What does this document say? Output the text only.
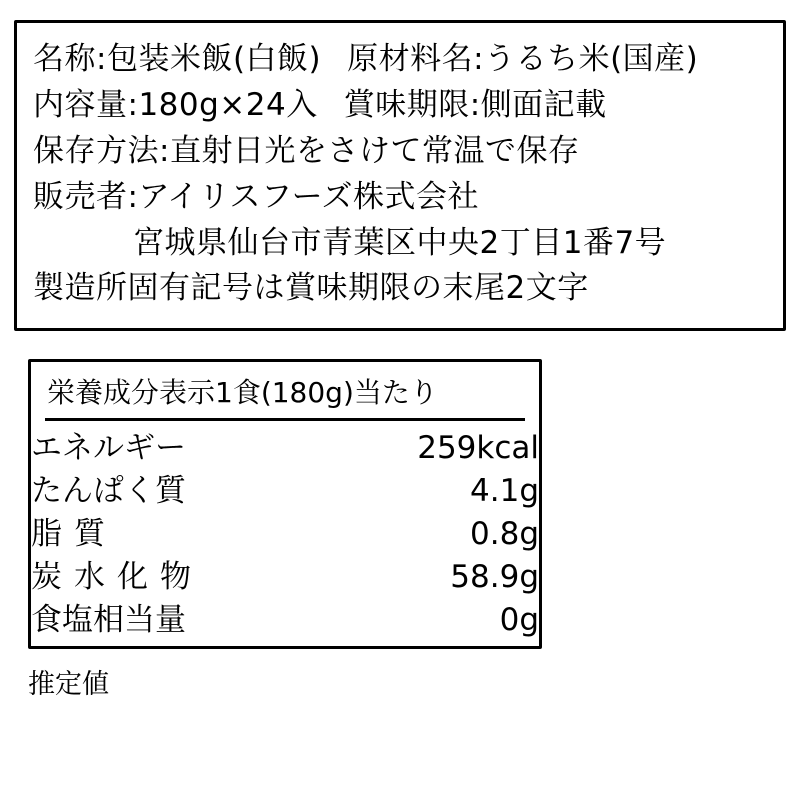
名称:包装米飯(白飯) 原材料名:うるち米(国産)
内容量:180g×24入 賞味期限:側面記載
保存方法:直射日光をさけて常温で保存
販売者:アイリスフーズ株式会社
宮城県仙台市青葉区中央2丁目1番7号
製造所固有記号は賞味期限の末尾2文字
栄養成分表示1食(180g)当たり
エネルギー	259kcal
たんぱく質	4.1g
脂質	0.8g
炭水化物	58.9g
食塩相当量	0g
推定値
